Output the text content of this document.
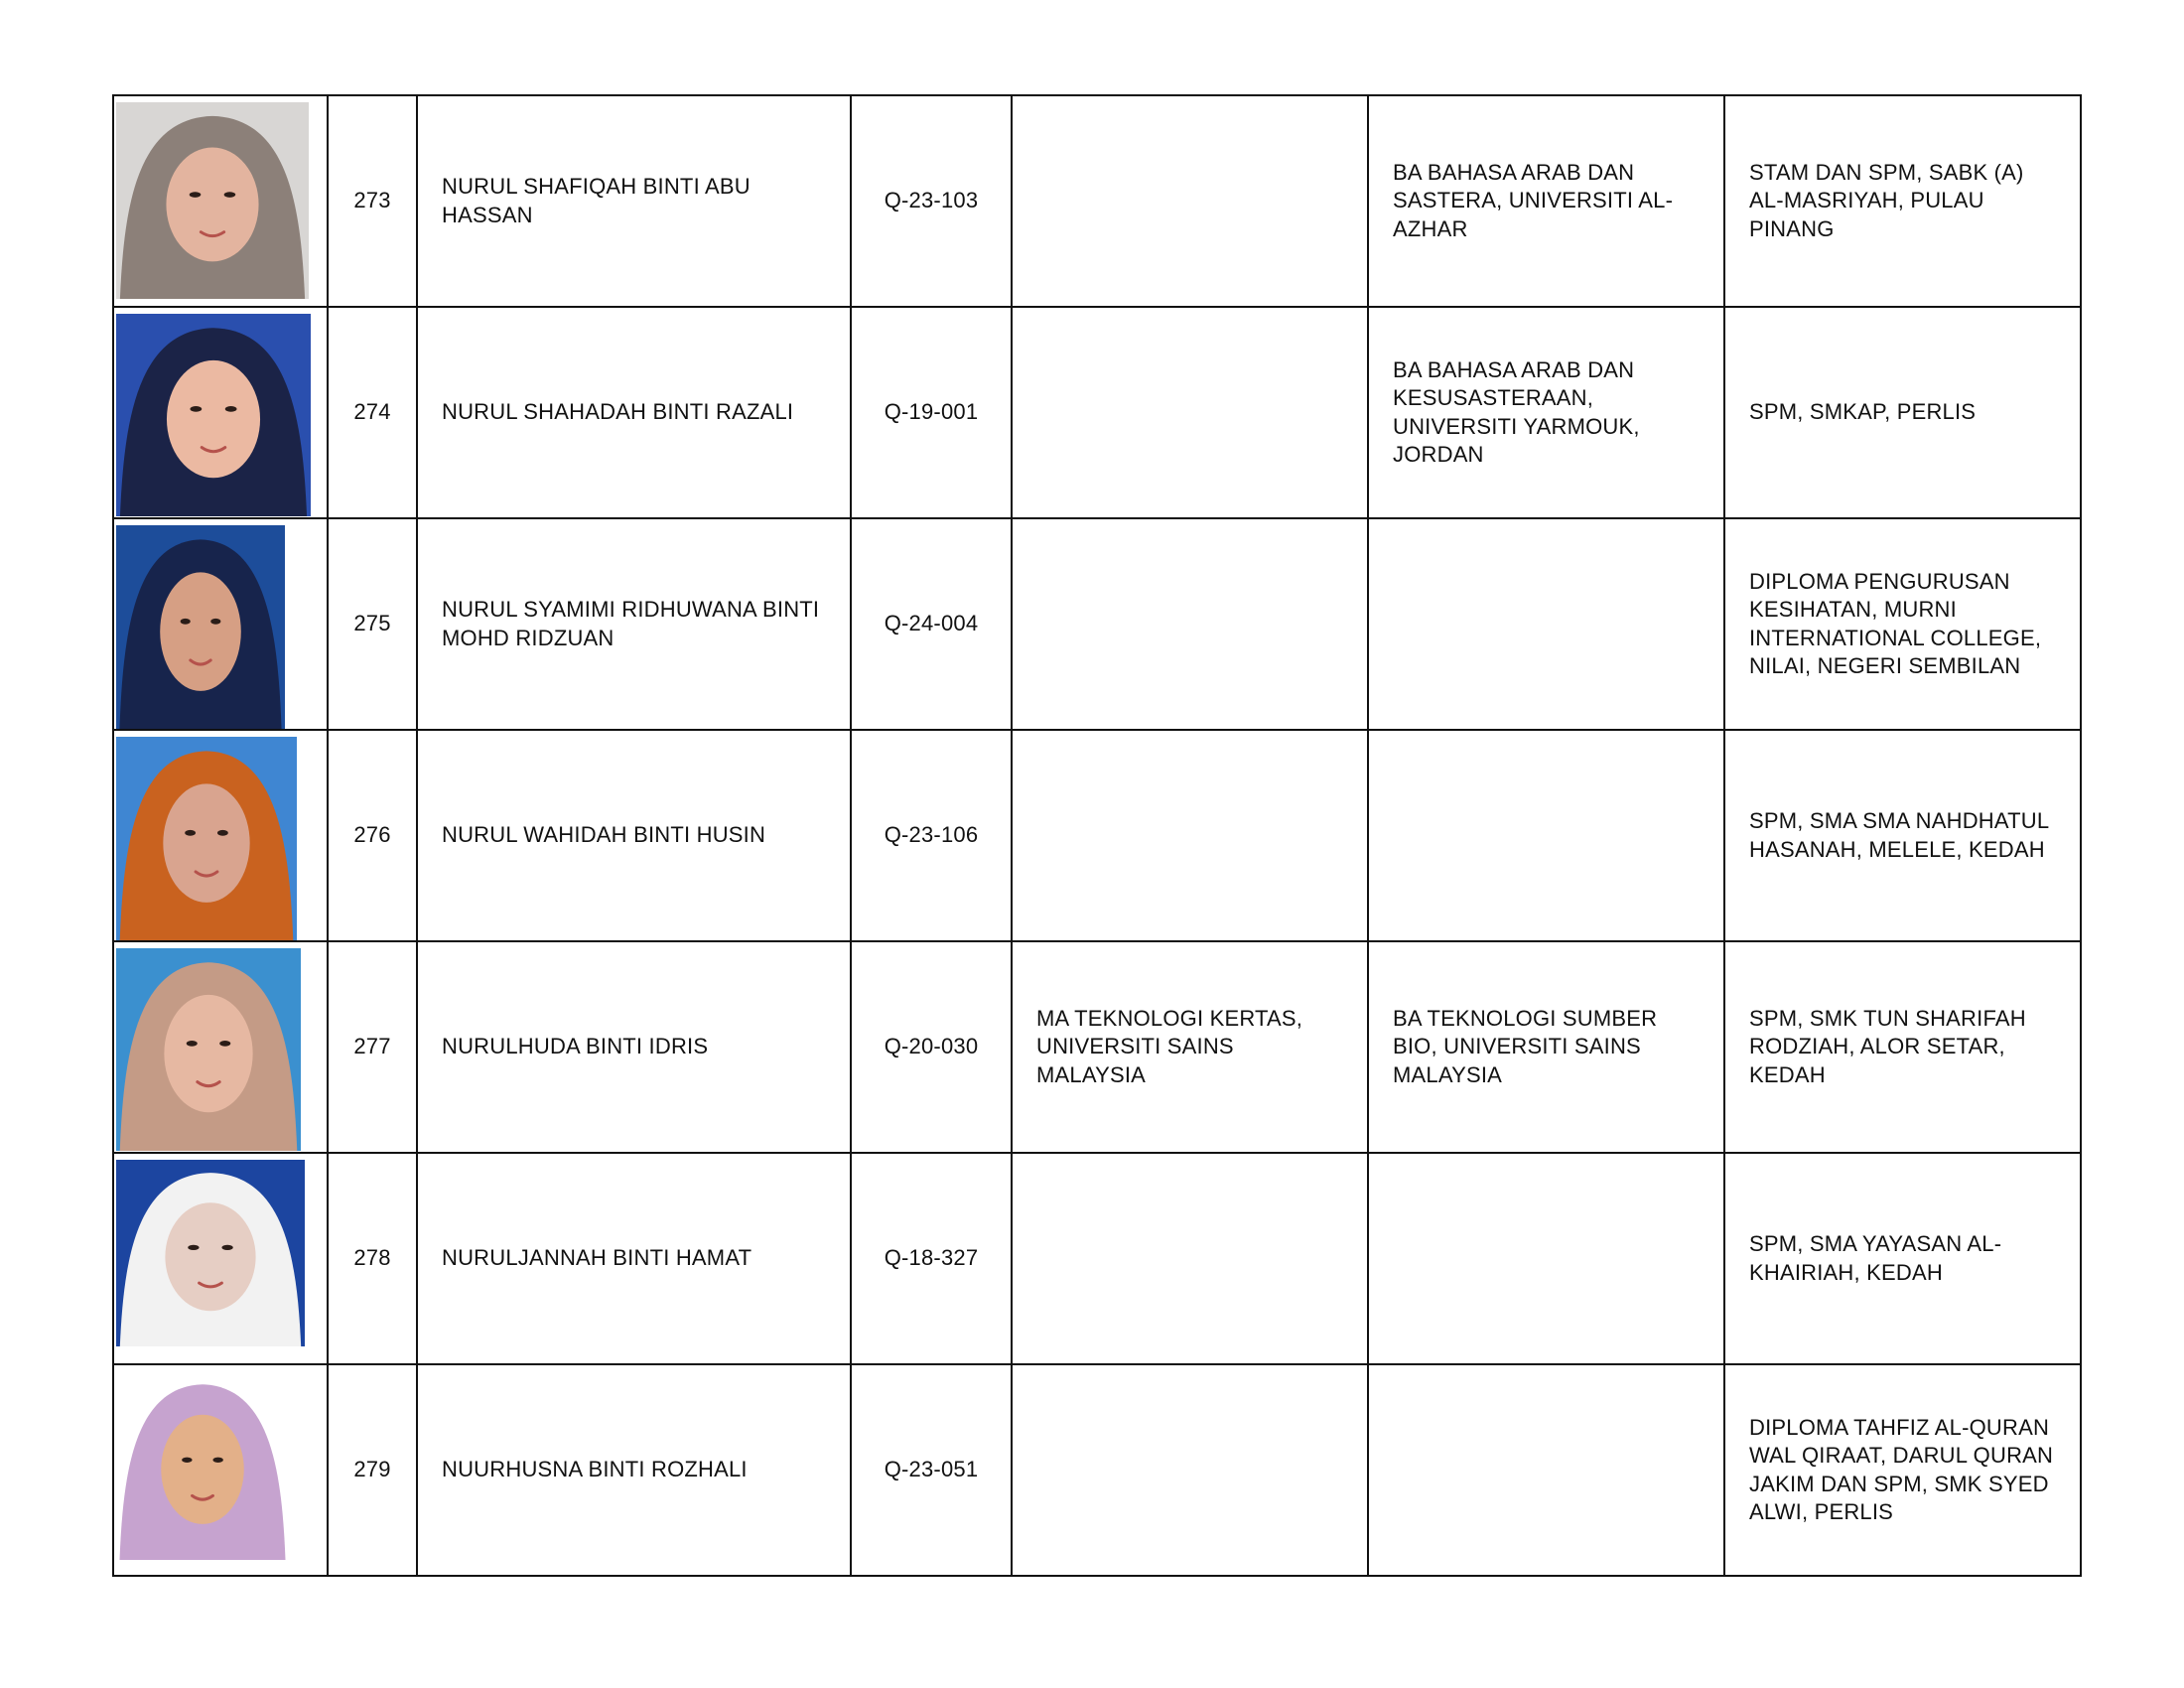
	273	NURUL SHAFIQAH BINTI ABU HASSAN	Q-23-103		BA BAHASA ARAB DAN SASTERA, UNIVERSITI AL-AZHAR	STAM DAN SPM, SABK (A) AL-MASRIYAH, PULAU PINANG

	274	NURUL SHAHADAH BINTI RAZALI	Q-19-001		BA BAHASA ARAB DAN KESUSASTERAAN, UNIVERSITI YARMOUK, JORDAN	SPM, SMKAP, PERLIS

	275	NURUL SYAMIMI RIDHUWANA BINTI MOHD RIDZUAN	Q-24-004			DIPLOMA PENGURUSAN KESIHATAN, MURNI INTERNATIONAL COLLEGE, NILAI, NEGERI SEMBILAN

	276	NURUL WAHIDAH BINTI HUSIN	Q-23-106			SPM, SMA SMA NAHDHATUL HASANAH, MELELE, KEDAH

	277	NURULHUDA BINTI IDRIS	Q-20-030	MA TEKNOLOGI KERTAS, UNIVERSITI SAINS MALAYSIA	BA TEKNOLOGI SUMBER BIO, UNIVERSITI SAINS MALAYSIA	SPM, SMK TUN SHARIFAH RODZIAH, ALOR SETAR, KEDAH

	278	NURULJANNAH BINTI HAMAT	Q-18-327			SPM, SMA YAYASAN AL-KHAIRIAH, KEDAH

	279	NUURHUSNA BINTI ROZHALI	Q-23-051			DIPLOMA TAHFIZ AL-QURAN WAL QIRAAT, DARUL QURAN JAKIM DAN SPM, SMK SYED ALWI, PERLIS
